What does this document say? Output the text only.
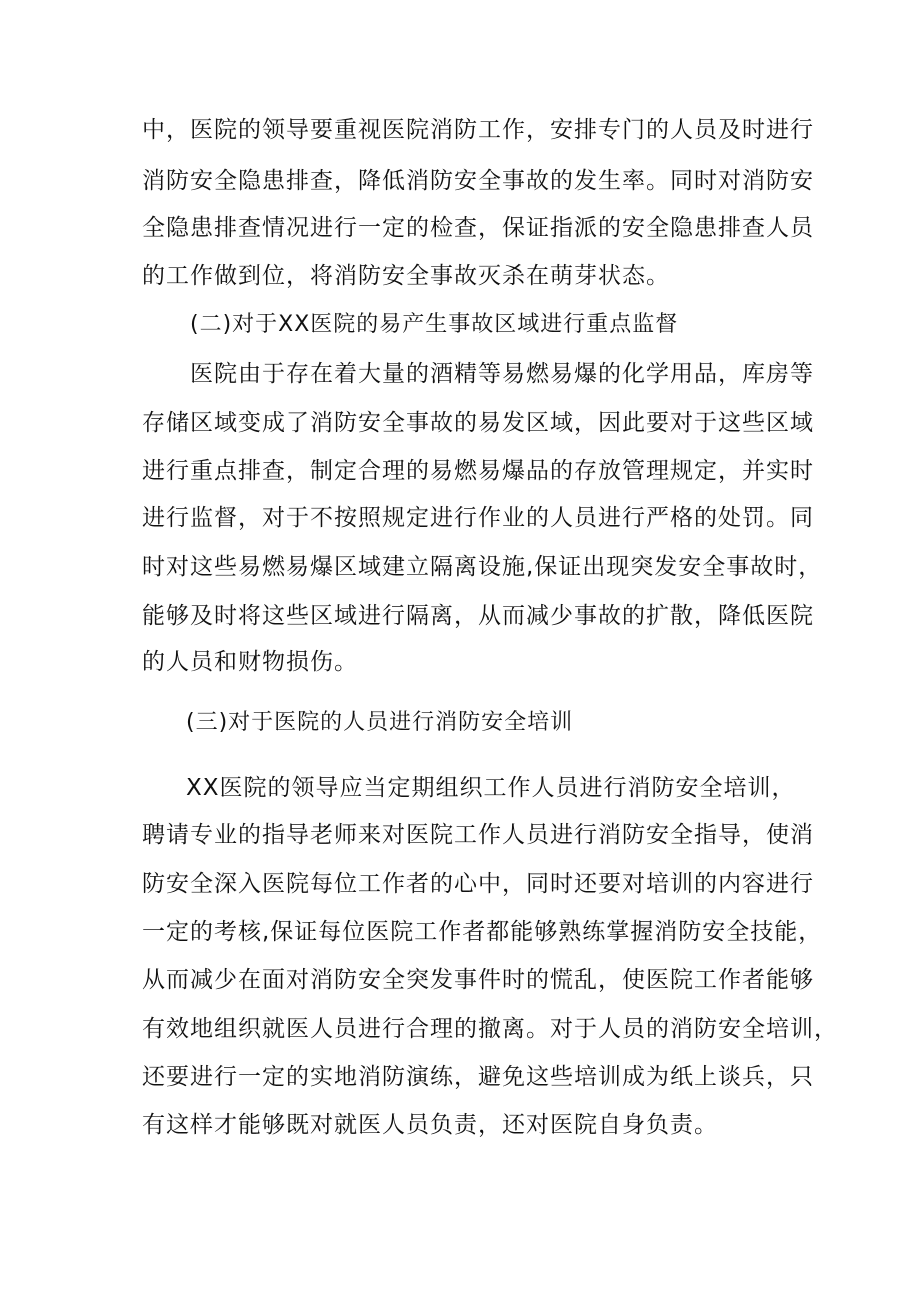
中，医院的领导要重视医院消防工作，安排专门的人员及时进行
消防安全隐患排查，降低消防安全事故的发生率。同时对消防安
全隐患排查情况进行一定的检查，保证指派的安全隐患排查人员
的工作做到位，将消防安全事故灭杀在萌芽状态。
(二)对于XX医院的易产生事故区域进行重点监督
医院由于存在着大量的酒精等易燃易爆的化学用品，库房等
存储区域变成了消防安全事故的易发区域，因此要对于这些区域
进行重点排查，制定合理的易燃易爆品的存放管理规定，并实时
进行监督，对于不按照规定进行作业的人员进行严格的处罚。同
时对这些易燃易爆区域建立隔离设施,保证出现突发安全事故时，
能够及时将这些区域进行隔离，从而减少事故的扩散，降低医院
的人员和财物损伤。
(三)对于医院的人员进行消防安全培训
XX医院的领导应当定期组织工作人员进行消防安全培训，
聘请专业的指导老师来对医院工作人员进行消防安全指导，使消
防安全深入医院每位工作者的心中，同时还要对培训的内容进行
一定的考核,保证每位医院工作者都能够熟练掌握消防安全技能，
从而减少在面对消防安全突发事件时的慌乱，使医院工作者能够
有效地组织就医人员进行合理的撤离。对于人员的消防安全培训，
还要进行一定的实地消防演练，避免这些培训成为纸上谈兵，只
有这样才能够既对就医人员负责，还对医院自身负责。
